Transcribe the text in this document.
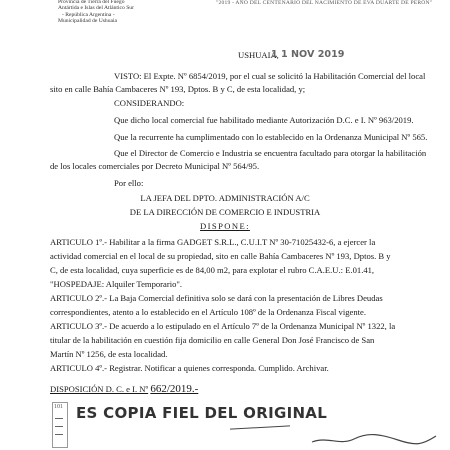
Provincia de Tierra del Fuego
Antártida e Islas del Atlántico Sur
- República Argentina -
Municipalidad de Ushuaia
"2019 - AÑO DEL CENTENARIO DEL NACIMIENTO DE EVA DUARTE DE PERÓN"
USHUAIA,
1 1 NOV 2019
VISTO: El Expte. Nº 6854/2019, por el cual se solicitó la Habilitación Comercial del local
sito en calle Bahía Cambaceres Nº 193, Dptos. B y C, de esta localidad, y;
CONSIDERANDO:
Que dicho local comercial fue habilitado mediante Autorización D.C. e I. Nº 963/2019.
Que la recurrente ha cumplimentado con lo establecido en la Ordenanza Municipal Nº 565.
Que el Director de Comercio e Industria se encuentra facultado para otorgar la habilitación
de los locales comerciales por Decreto Municipal Nº 564/95.
Por ello:
LA JEFA DEL DPTO. ADMINISTRACIÓN A/C
DE LA DIRECCIÓN DE COMERCIO E INDUSTRIA
DISPONE:
ARTICULO 1º.- Habilitar a la firma GADGET S.R.L., C.U.I.T Nº 30-71025432-6, a ejercer la
actividad comercial en el local de su propiedad, sito en calle Bahía Cambaceres Nº 193, Dptos. B y
C, de esta localidad, cuya superficie es de 84,00 m2, para explotar el rubro C.A.E.U.: E.01.41,
"HOSPEDAJE: Alquiler Temporario".
ARTICULO 2º.- La Baja Comercial definitiva solo se dará con la presentación de Libres Deudas
correspondientes, atento a lo establecido en el Artículo 108º de la Ordenanza Fiscal vigente.
ARTICULO 3º.- De acuerdo a lo estipulado en el Artículo 7º de la Ordenanza Municipal Nº 1322, la
titular de la habilitación en cuestión fija domicilio en calle General Don José Francisco de San
Martín Nº 1256, de esta localidad.
ARTICULO 4º.- Registrar. Notificar a quienes corresponda. Cumplido. Archivar.
DISPOSICIÓN D. C. e I. Nº 662/2019.-
101 ES COPIA FIEL DEL ORIGINAL
